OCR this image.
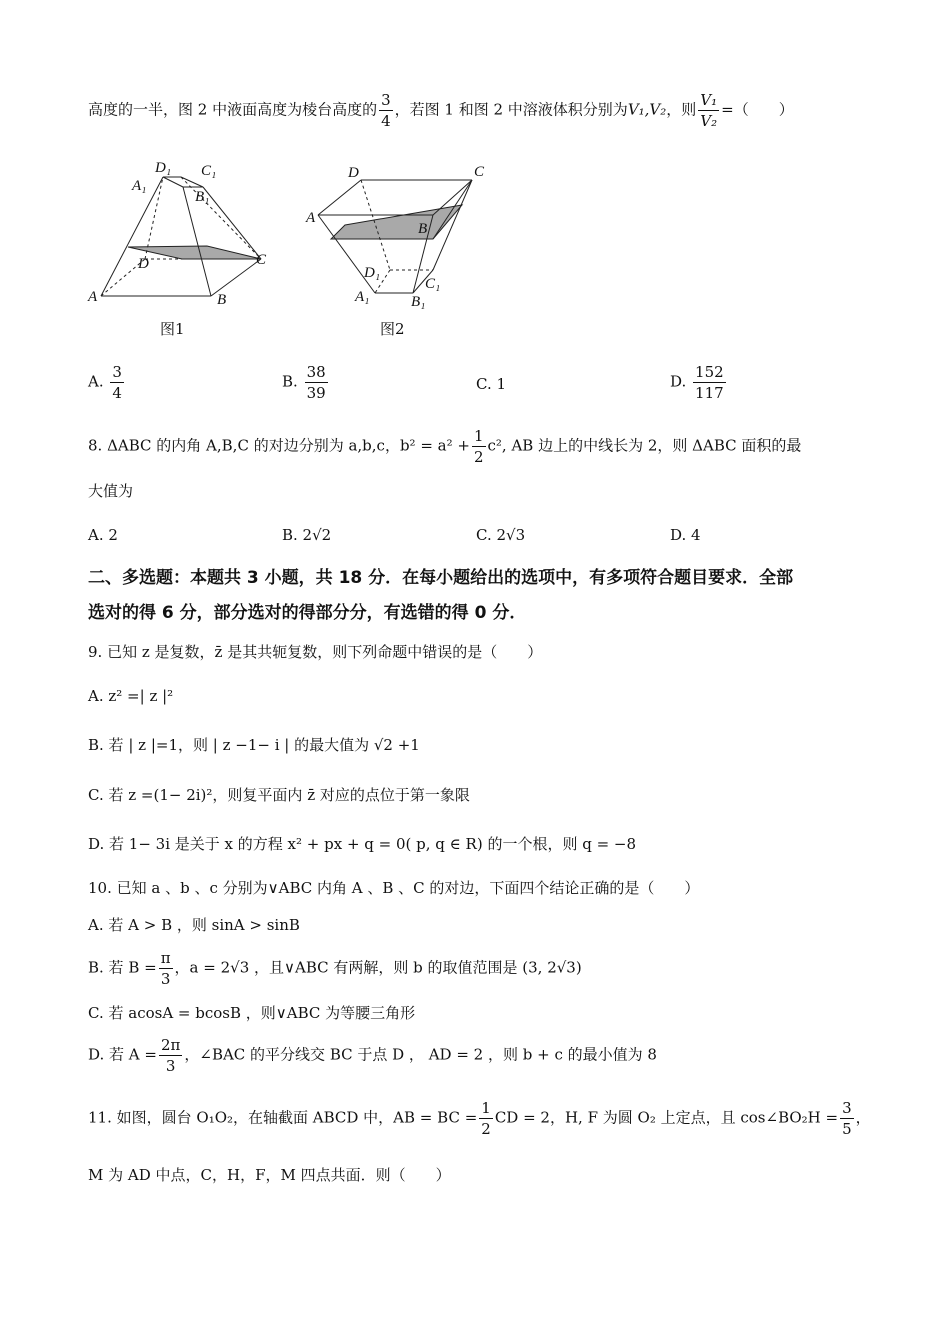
高度的一半，图 2 中液面高度为棱台高度的 $\frac{3}{4}$ ，若图 1 和图 2 中溶液体积分别为V₁,V₂，则 $\frac{\text{V₁}}{\text{V₂}}$ =（　　）
D₁ C₁
A₁
B₁
D	C
A	B
图1
D	C
A
B
D₁
C₁
A₁	B₁
图2
A. $\frac{3}{4}$	B. $\frac{38}{39}$	C. 1	D. $\frac{152}{117}$
8. ΔABC 的内角 A,B,C 的对边分别为 a,b,c，$b^2 = a^2 + \frac{1}{2} c^2$, AB 边上的中线长为 2，则 ΔABC 面积的最
大值为
A. 2	B. 2√2	C. 2√3	D. 4
二、多选题：本题共 3 小题，共 18 分．在每小题给出的选项中，有多项符合题目要求．全部
选对的得 6 分，部分选对的得部分分，有选错的得 0 分．
9. 已知 z 是复数，z̄ 是其共轭复数，则下列命题中错误的是（　　）
A. z² =| z |²
B. 若 | z |=1，则 | z −1− i | 的最大值为 √2 +1
C. 若 z =(1− 2i)²，则复平面内 z̄ 对应的点位于第一象限
D. 若 1− 3i 是关于 x 的方程 x² + px + q = 0( p, q ∈ R) 的一个根，则 q = −8
10. 已知 a 、b 、c 分别为∨ABC 内角 A 、B 、C 的对边，下面四个结论正确的是（　　）
A. 若 A > B ，则 sinA > sinB
B. 若 $B = \frac{\pi}{3}$ ，a = 2√3 ，且∨ABC 有两解，则 b 的取值范围是 (3, 2√3)
C. 若 acosA = bcosB ，则∨ABC 为等腰三角形
D. 若 $A = \frac{2\pi}{3}$ ，∠BAC 的平分线交 BC 于点 D ， AD = 2 ，则 b + c 的最小值为 8
11. 如图，圆台 O₁O₂，在轴截面 ABCD 中，AB = BC = $\frac{1}{2}$ CD = 2，H, F 为圆 O₂ 上定点，且 cos∠BO₂H = $\frac{3}{5}$ ，
M 为 AD 中点，C，H，F，M 四点共面．则（　　）
